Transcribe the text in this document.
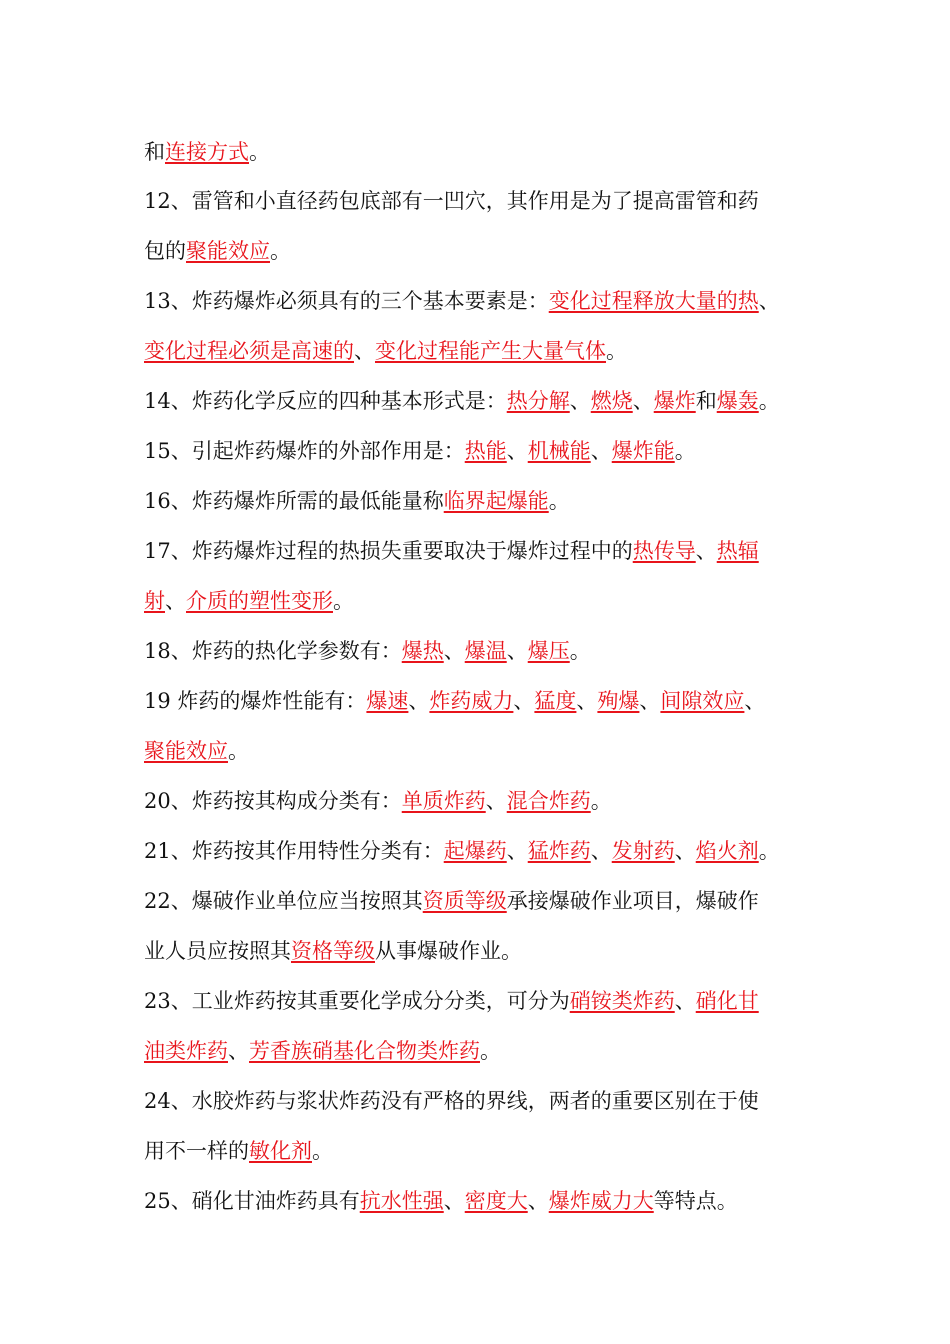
和连接方式。
12、雷管和小直径药包底部有一凹穴，其作用是为了提高雷管和药
包的聚能效应。
13、炸药爆炸必须具有的三个基本要素是：变化过程释放大量的热、
变化过程必须是高速的、变化过程能产生大量气体。
14、炸药化学反应的四种基本形式是：热分解、燃烧、爆炸和爆轰。
15、引起炸药爆炸的外部作用是：热能、机械能、爆炸能。
16、炸药爆炸所需的最低能量称临界起爆能。
17、炸药爆炸过程的热损失重要取决于爆炸过程中的热传导、热辐
射、介质的塑性变形。
18、炸药的热化学参数有：爆热、爆温、爆压。
19 炸药的爆炸性能有：爆速、炸药威力、猛度、殉爆、间隙效应、
聚能效应。
20、炸药按其构成分类有：单质炸药、混合炸药。
21、炸药按其作用特性分类有：起爆药、猛炸药、发射药、焰火剂。
22、爆破作业单位应当按照其资质等级承接爆破作业项目，爆破作
业人员应按照其资格等级从事爆破作业。
23、工业炸药按其重要化学成分分类，可分为硝铵类炸药、硝化甘
油类炸药、芳香族硝基化合物类炸药。
24、水胶炸药与浆状炸药没有严格的界线，两者的重要区别在于使
用不一样的敏化剂。
25、硝化甘油炸药具有抗水性强、密度大、爆炸威力大等特点。
